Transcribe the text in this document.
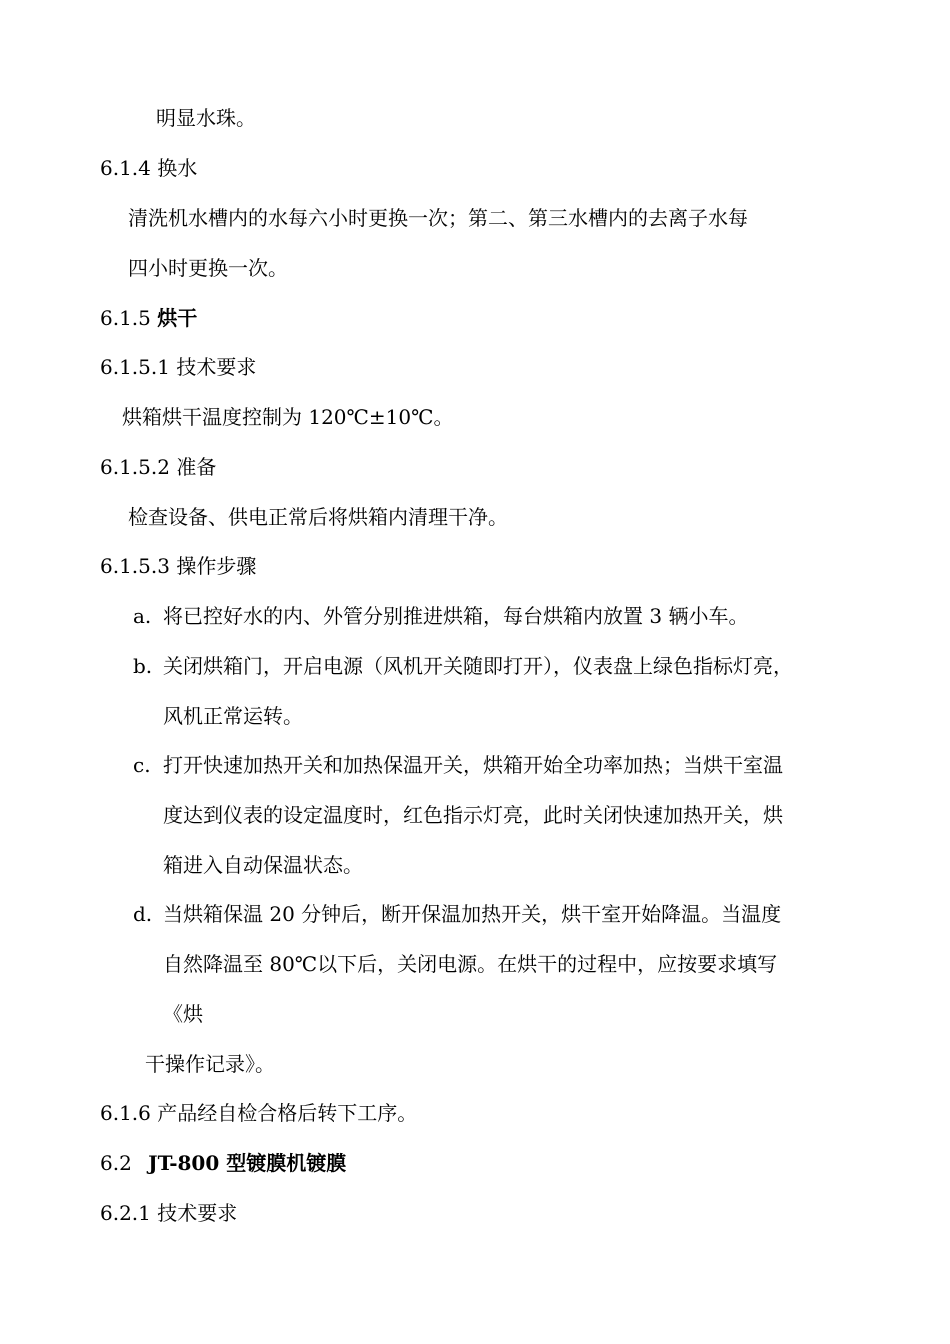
明显水珠。
6.1.4 换水
清洗机水槽内的水每六小时更换一次；第二、第三水槽内的去离子水每
四小时更换一次。
6.1.5 烘干
6.1.5.1 技术要求
烘箱烘干温度控制为 120℃±10℃。
6.1.5.2 准备
检查设备、供电正常后将烘箱内清理干净。
6.1.5.3 操作步骤
a. 将已控好水的内、外管分别推进烘箱，每台烘箱内放置 3 辆小车。
b. 关闭烘箱门，开启电源（风机开关随即打开），仪表盘上绿色指标灯亮，
风机正常运转。
c. 打开快速加热开关和加热保温开关，烘箱开始全功率加热；当烘干室温
度达到仪表的设定温度时，红色指示灯亮，此时关闭快速加热开关，烘
箱进入自动保温状态。
d. 当烘箱保温 20 分钟后，断开保温加热开关，烘干室开始降温。当温度
自然降温至 80℃以下后，关闭电源。在烘干的过程中，应按要求填写
《烘
干操作记录》。
6.1.6 产品经自检合格后转下工序。
6.2 JT-800 型镀膜机镀膜
6.2.1 技术要求
